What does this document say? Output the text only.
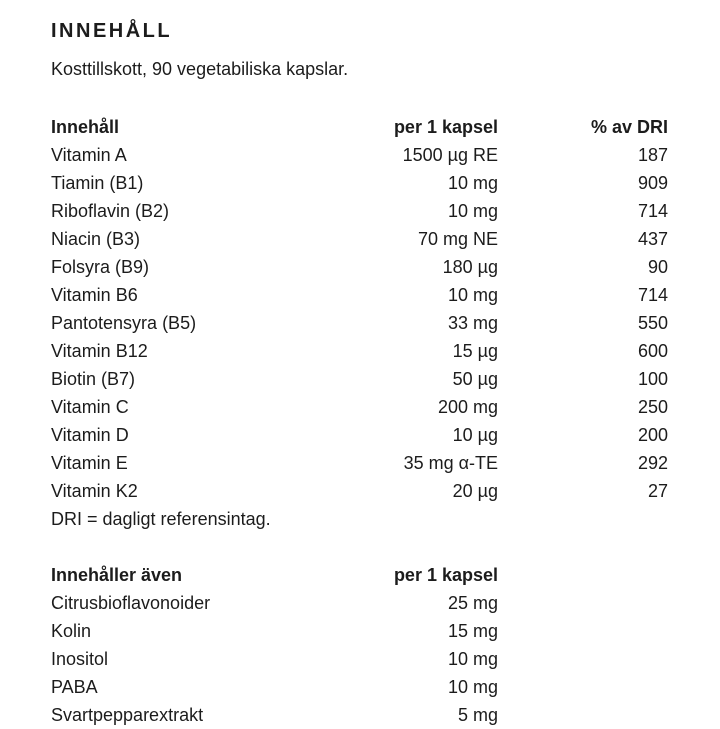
INNEHÅLL
Kosttillskott, 90 vegetabiliska kapslar.
Innehåll	per 1 kapsel	% av DRI
Vitamin A	1500 µg RE	187
Tiamin (B1)	10 mg	909
Riboflavin (B2)	10 mg	714
Niacin (B3)	70 mg NE	437
Folsyra (B9)	180 µg	90
Vitamin B6	10 mg	714
Pantotensyra (B5)	33 mg	550
Vitamin B12	15 µg	600
Biotin (B7)	50 µg	100
Vitamin C	200 mg	250
Vitamin D	10 µg	200
Vitamin E	35 mg α-TE	292
Vitamin K2	20 µg	27
DRI = dagligt referensintag.
Innehåller även	per 1 kapsel
Citrusbioflavonoider	25 mg
Kolin	15 mg
Inositol	10 mg
PABA	10 mg
Svartpepparextrakt	5 mg
